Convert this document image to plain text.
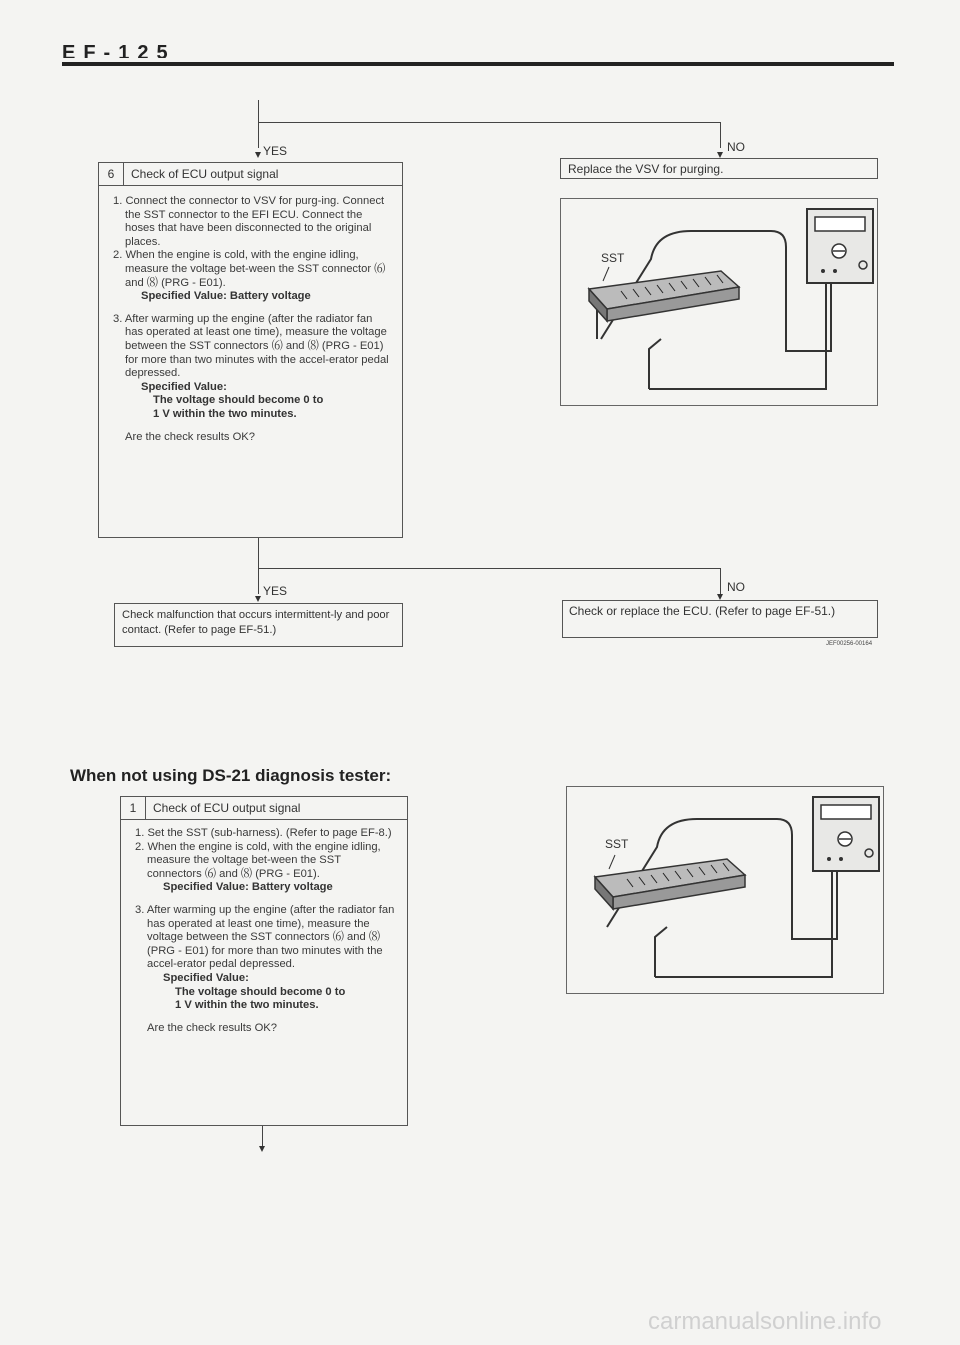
EF-125
YES	NO
6	Check of ECU output signal

1. Connect the connector to VSV for purg-ing. Connect the SST connector to the EFI ECU. Connect the hoses that have been disconnected to the original places.

2. When the engine is cold, with the engine idling, measure the voltage bet-ween the SST connector ⑹ and ⑻ (PRG - E01).

Specified Value: Battery voltage

3. After warming up the engine (after the radiator fan has operated at least one time), measure the voltage between the SST connectors ⑹ and ⑻ (PRG - E01) for more than two minutes with the accel-erator pedal depressed.

Specified Value:
The voltage should become 0 to
1 V within the two minutes.
Are the check results OK?
Replace the VSV for purging.
SST
YES	NO
Check malfunction that occurs intermittent-ly and poor contact. (Refer to page EF-51.)
Check or replace the ECU. (Refer to page EF-51.)
JEF00256-00164
When not using DS-21 diagnosis tester:
1	Check of ECU output signal

1. Set the SST (sub-harness). (Refer to page EF-8.)

2. When the engine is cold, with the engine idling, measure the voltage bet-ween the SST connectors ⑹ and ⑻ (PRG - E01).

Specified Value: Battery voltage

3. After warming up the engine (after the radiator fan has operated at least one time), measure the voltage between the SST connectors ⑹ and ⑻ (PRG - E01) for more than two minutes with the accel-erator pedal depressed.

Specified Value:
The voltage should become 0 to
1 V within the two minutes.
Are the check results OK?
SST
carmanualsonline.info
